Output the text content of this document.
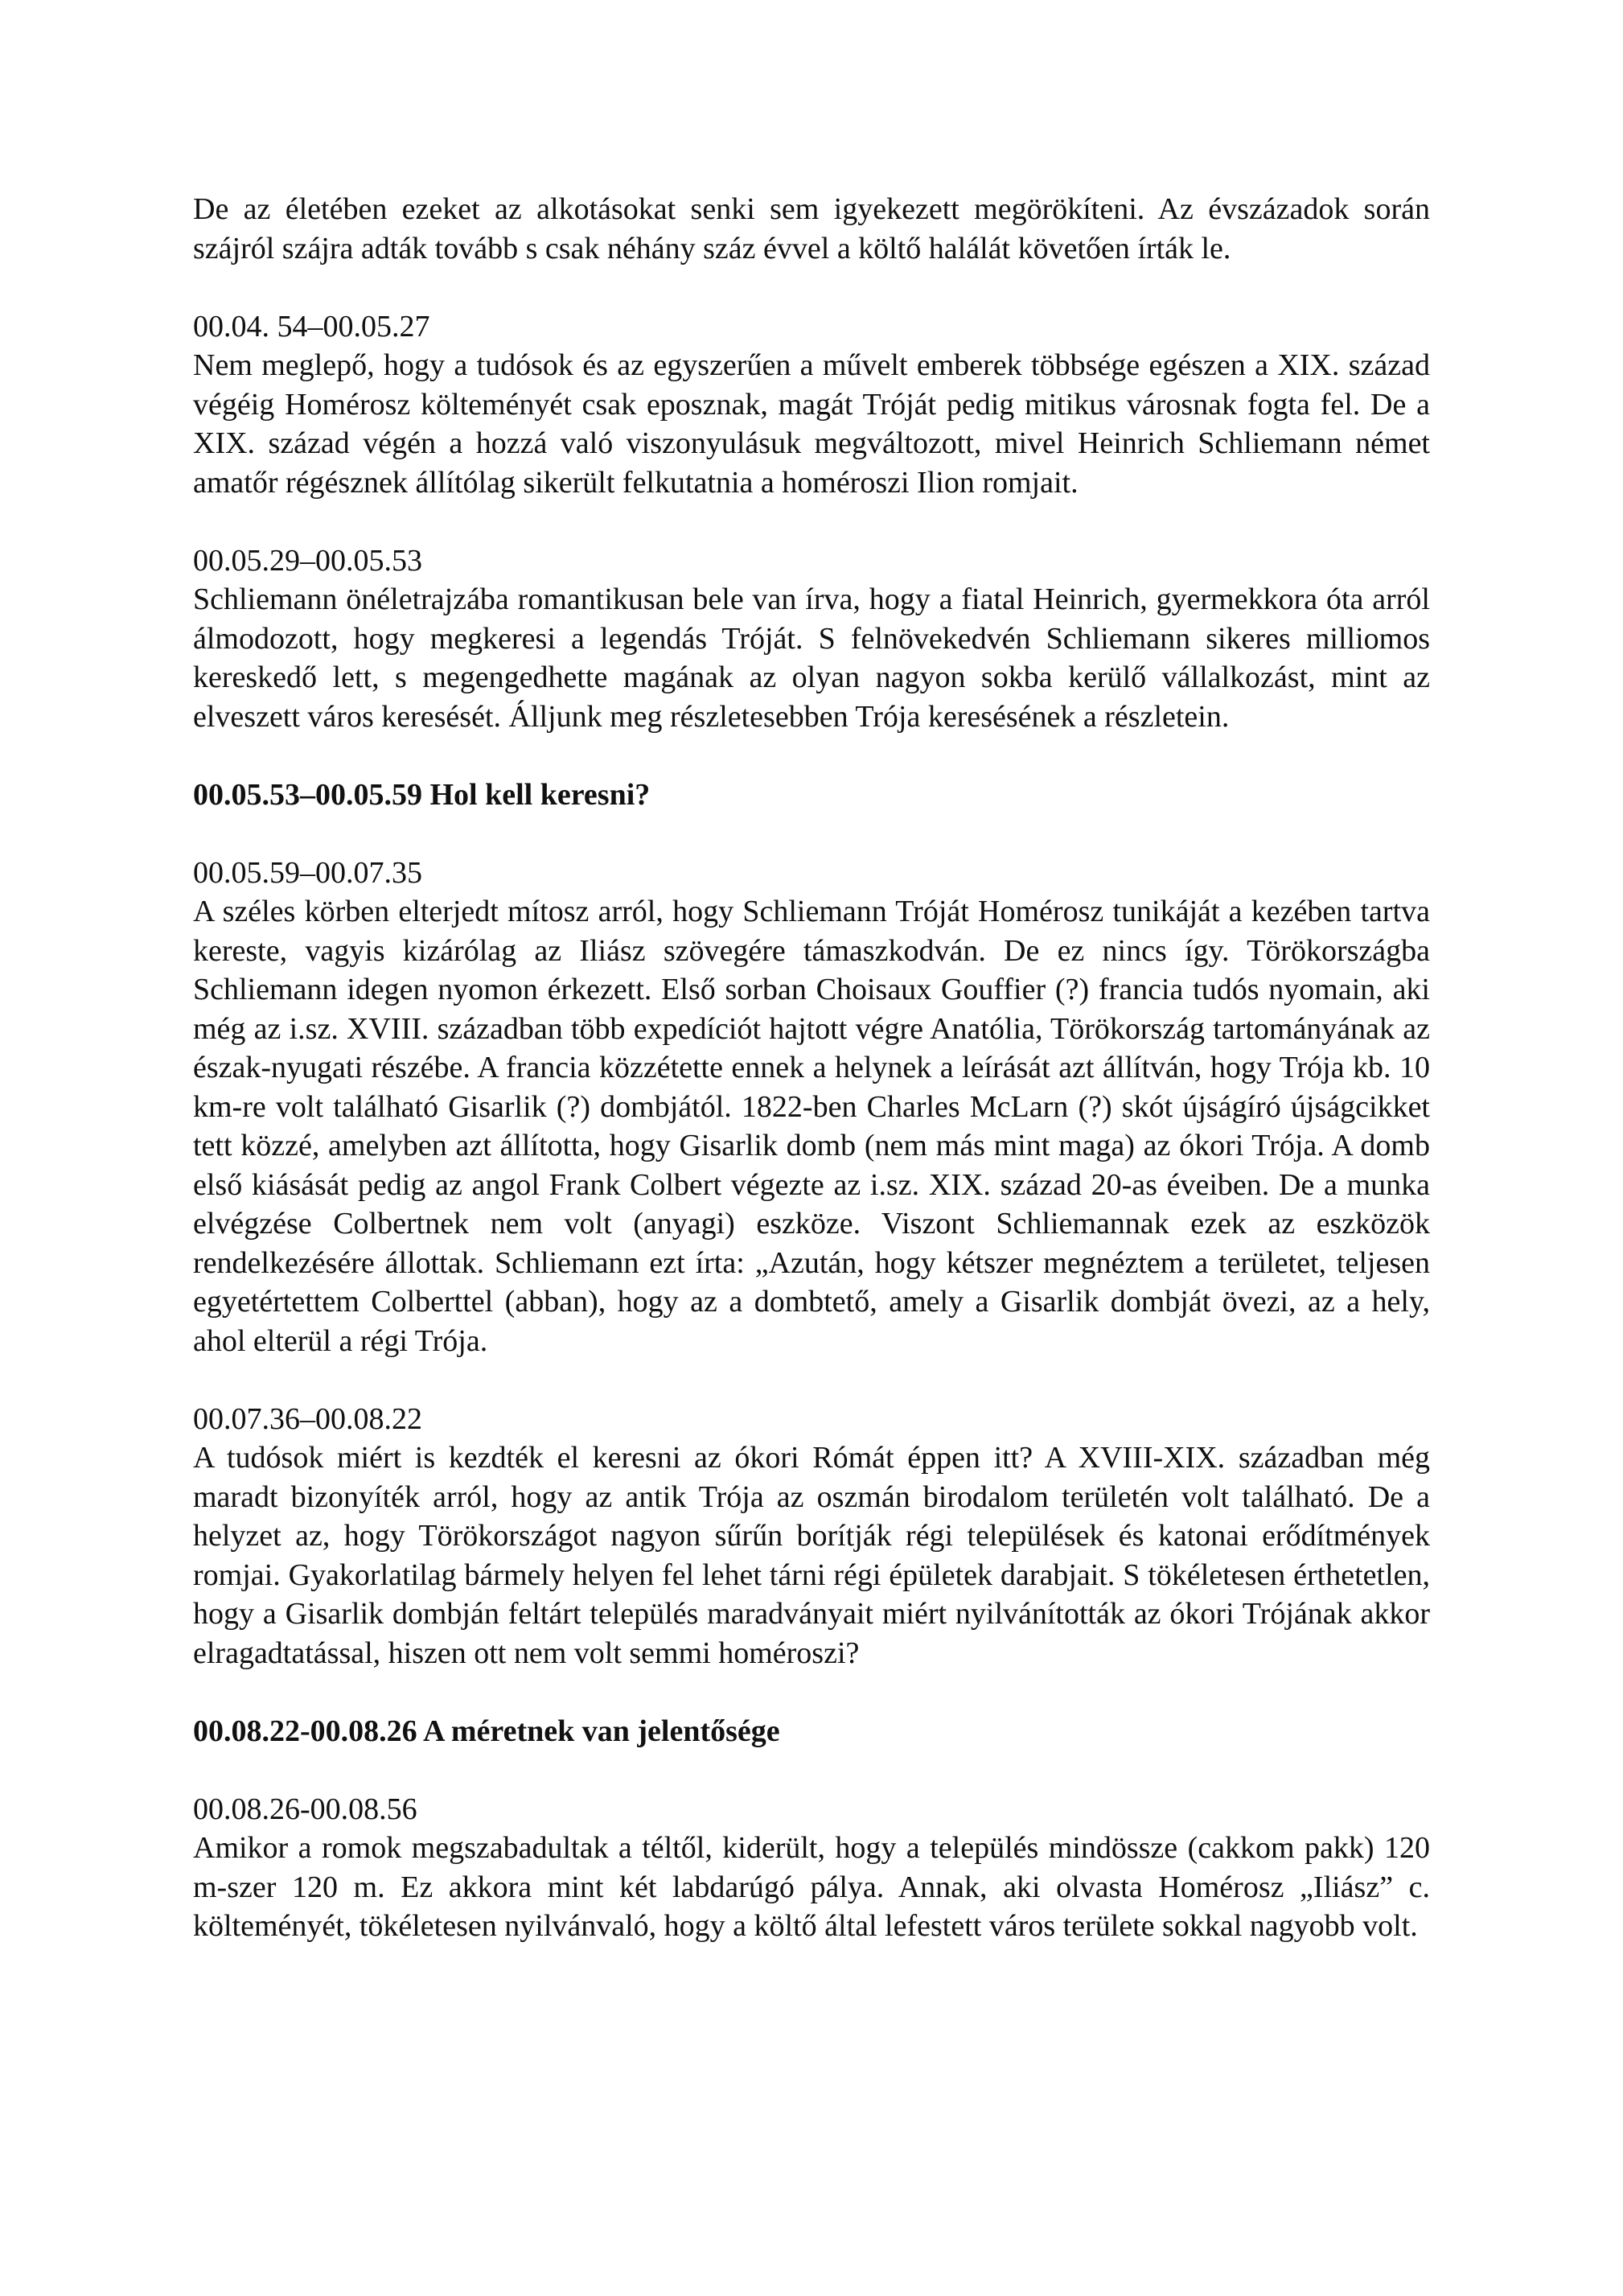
De az életében ezeket az alkotásokat senki sem igyekezett megörökíteni. Az évszázadok során szájról szájra adták tovább s csak néhány száz évvel a költő halálát követően írták le.
00.04. 54–00.05.27
Nem meglepő, hogy a tudósok és az egyszerűen a művelt emberek többsége egészen a XIX. század végéig Homérosz költeményét csak eposznak, magát Tróját pedig mitikus városnak fogta fel. De a XIX. század végén a hozzá való viszonyulásuk megváltozott, mivel Heinrich Schliemann német amatőr régésznek állítólag sikerült felkutatnia a homéroszi Ilion romjait.
00.05.29–00.05.53
Schliemann önéletrajzába romantikusan bele van írva, hogy a fiatal Heinrich, gyermekkora óta arról álmodozott, hogy megkeresi a legendás Tróját. S felnövekedvén Schliemann sikeres milliomos kereskedő lett, s megengedhette magának az olyan nagyon sokba kerülő vállalkozást, mint az elveszett város keresését. Álljunk meg részletesebben Trója keresésének a részletein.
00.05.53–00.05.59 Hol kell keresni?
00.05.59–00.07.35
A széles körben elterjedt mítosz arról, hogy Schliemann Tróját Homérosz tunikáját a kezében tartva kereste, vagyis kizárólag az Iliász szövegére támaszkodván. De ez nincs így. Törökországba Schliemann idegen nyomon érkezett. Első sorban Choisaux Gouffier (?) francia tudós nyomain, aki még az i.sz. XVIII. században több expedíciót hajtott végre Anatólia, Törökország tartományának az észak-nyugati részébe. A francia közzétette ennek a helynek a leírását azt állítván, hogy Trója kb. 10 km-re volt található Gisarlik (?) dombjától. 1822-ben Charles McLarn (?) skót újságíró újságcikket tett közzé, amelyben azt állította, hogy Gisarlik domb (nem más mint maga) az ókori Trója. A domb első kiásását pedig az angol Frank Colbert végezte az i.sz. XIX. század 20-as éveiben. De a munka elvégzése Colbertnek nem volt (anyagi) eszköze. Viszont Schliemannak ezek az eszközök rendelkezésére állottak. Schliemann ezt írta: „Azután, hogy kétszer megnéztem a területet, teljesen egyetértettem Colberttel (abban), hogy az a dombtető, amely a Gisarlik dombját övezi, az a hely, ahol elterül a régi Trója.
00.07.36–00.08.22
A tudósok miért is kezdték el keresni az ókori Rómát éppen itt? A XVIII-XIX. században még maradt bizonyíték arról, hogy az antik Trója az oszmán birodalom területén volt található. De a helyzet az, hogy Törökországot nagyon sűrűn borítják régi települések és katonai erődítmények romjai. Gyakorlatilag bármely helyen fel lehet tárni régi épületek darabjait. S tökéletesen érthetetlen, hogy a Gisarlik dombján feltárt település maradványait miért nyilvánították az ókori Trójának akkor elragadtatással, hiszen ott nem volt semmi homéroszi?
00.08.22-00.08.26 A méretnek van jelentősége
00.08.26-00.08.56
Amikor a romok megszabadultak a téltől, kiderült, hogy a település mindössze (cakkom pakk) 120 m-szer 120 m. Ez akkora mint két labdarúgó pálya. Annak, aki olvasta Homérosz „Iliász” c. költeményét, tökéletesen nyilvánvaló, hogy a költő által lefestett város területe sokkal nagyobb volt.
